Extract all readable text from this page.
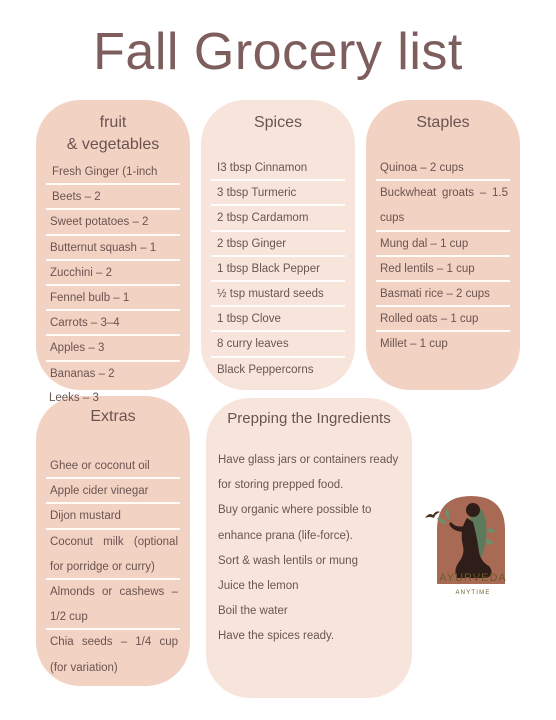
Fall Grocery list
fruit
& vegetables
Fresh Ginger (1-inch
Beets – 2
Sweet potatoes – 2
Butternut squash – 1
Zucchini – 2
Fennel bulb – 1
Carrots – 3–4
Apples – 3
Bananas – 2
Spices
I3 tbsp Cinnamon
3 tbsp Turmeric
2 tbsp Cardamom
2 tbsp Ginger
1 tbsp Black Pepper
½ tsp mustard seeds
1 tbsp Clove
8 curry leaves
Black Peppercorns
Staples
Quinoa – 2 cups
Buckwheat groats – 1.5
cups
Mung dal – 1 cup
Red lentils – 1 cup
Basmati rice – 2 cups
Rolled oats – 1 cup
Millet – 1 cup
Extras
Ghee or coconut oil
Apple cider vinegar
Dijon mustard
Coconut milk (optional
for porridge or curry)
Almonds or cashews –
1/2 cup
Chia seeds – 1/4 cup
(for variation)
Leeks – 3
Prepping the Ingredients
Have glass jars or containers ready
for storing prepped food.
Buy organic where possible to
enhance prana (life-force).
Sort & wash lentils or mung
Juice the lemon
Boil the water
Have the spices ready.
AYURVEDA
ANYTIME
